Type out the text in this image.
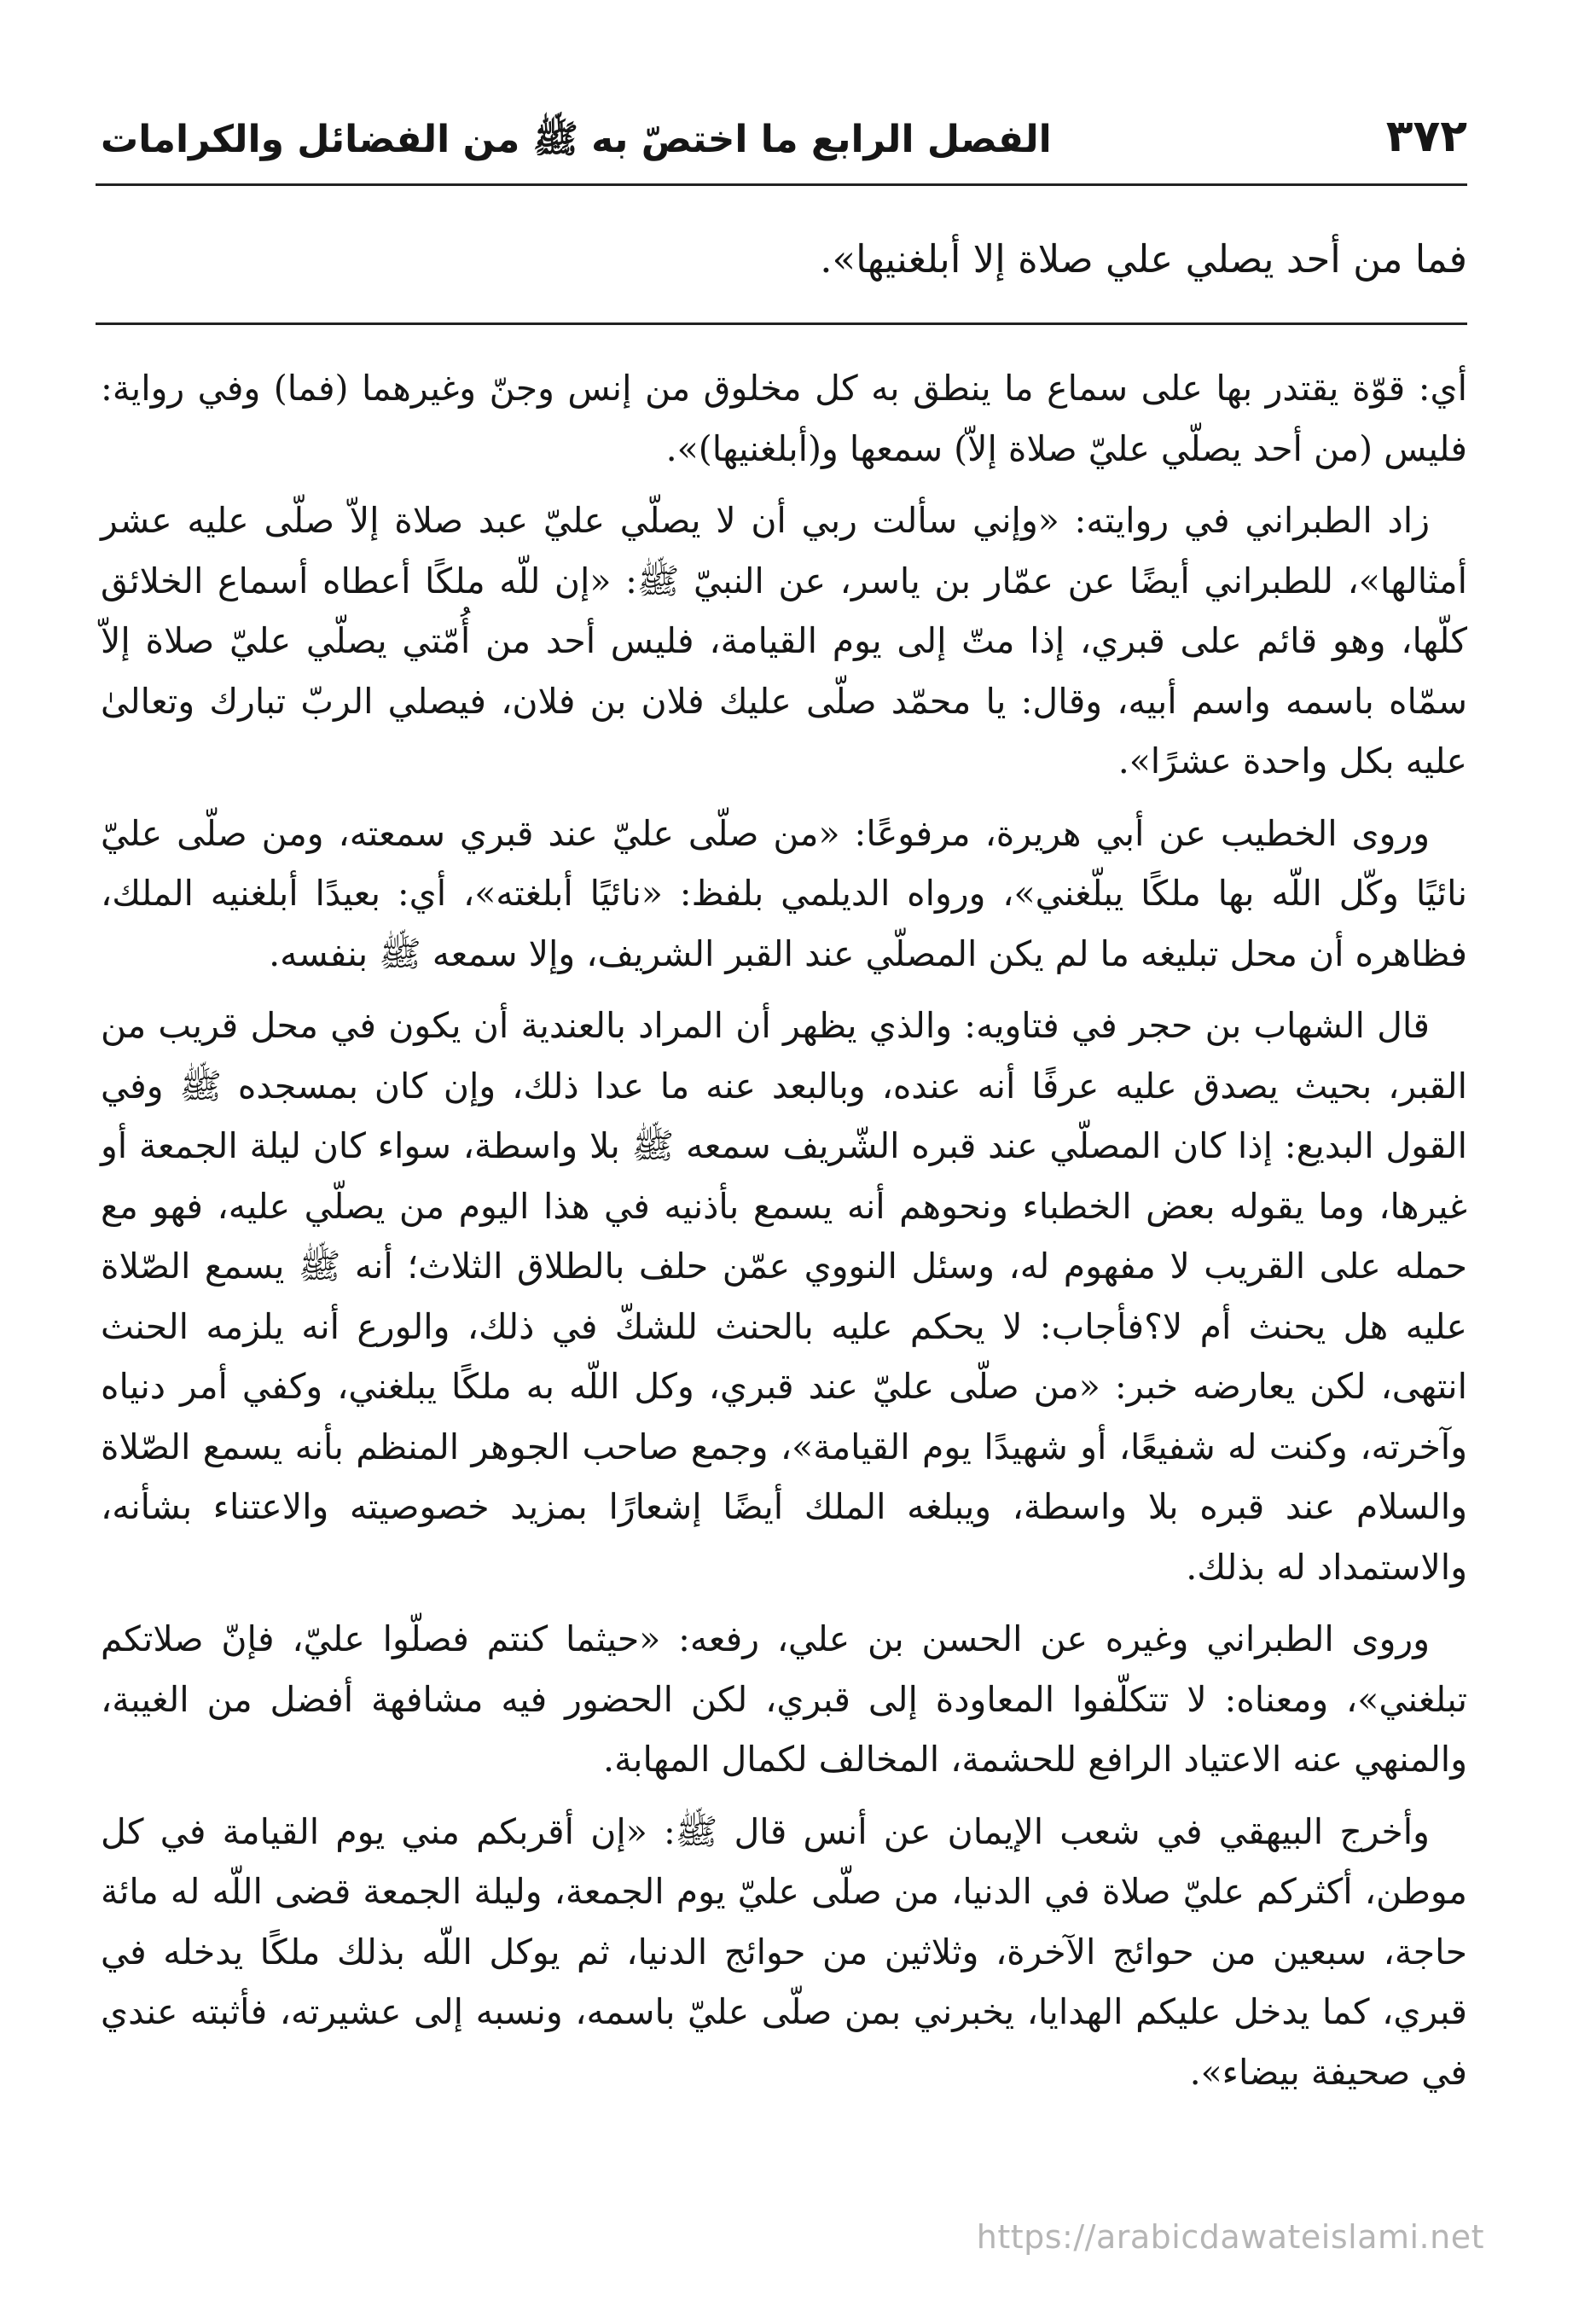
٣٧٢
الفصل الرابع ما اختصّ به ﷺ من الفضائل والكرامات
فما من أحد يصلي علي صلاة إلا أبلغنيها».

أي: قوّة يقتدر بها على سماع ما ينطق به كل مخلوق من إنس وجنّ وغيرهما (فما) وفي رواية: فليس (من أحد يصلّي عليّ صلاة إلاّ) سمعها و(أبلغنيها)».

زاد الطبراني في روايته: «وإني سألت ربي أن لا يصلّي عليّ عبد صلاة إلاّ صلّى عليه عشر أمثالها»، للطبراني أيضًا عن عمّار بن ياسر، عن النبيّ ﷺ: «إن للّه ملكًا أعطاه أسماع الخلائق كلّها، وهو قائم على قبري، إذا متّ إلى يوم القيامة، فليس أحد من أُمّتي يصلّي عليّ صلاة إلاّ سمّاه باسمه واسم أبيه، وقال: يا محمّد صلّى عليك فلان بن فلان، فيصلي الربّ تبارك وتعالىٰ عليه بكل واحدة عشرًا».

وروى الخطيب عن أبي هريرة، مرفوعًا: «من صلّى عليّ عند قبري سمعته، ومن صلّى عليّ نائيًا وكّل اللّه بها ملكًا يبلّغني»، ورواه الديلمي بلفظ: «نائيًا أبلغته»، أي: بعيدًا أبلغنيه الملك، فظاهره أن محل تبليغه ما لم يكن المصلّي عند القبر الشريف، وإلا سمعه ﷺ بنفسه.

قال الشهاب بن حجر في فتاويه: والذي يظهر أن المراد بالعندية أن يكون في محل قريب من القبر، بحيث يصدق عليه عرفًا أنه عنده، وبالبعد عنه ما عدا ذلك، وإن كان بمسجده ﷺ وفي القول البديع: إذا كان المصلّي عند قبره الشّريف سمعه ﷺ بلا واسطة، سواء كان ليلة الجمعة أو غيرها، وما يقوله بعض الخطباء ونحوهم أنه يسمع بأذنيه في هذا اليوم من يصلّي عليه، فهو مع حمله على القريب لا مفهوم له، وسئل النووي عمّن حلف بالطلاق الثلاث؛ أنه ﷺ يسمع الصّلاة عليه هل يحنث أم لا؟فأجاب: لا يحكم عليه بالحنث للشكّ في ذلك، والورع أنه يلزمه الحنث انتهى، لكن يعارضه خبر: «من صلّى عليّ عند قبري، وكل اللّه به ملكًا يبلغني، وكفي أمر دنياه وآخرته، وكنت له شفيعًا، أو شهيدًا يوم القيامة»، وجمع صاحب الجوهر المنظم بأنه يسمع الصّلاة والسلام عند قبره بلا واسطة، ويبلغه الملك أيضًا إشعارًا بمزيد خصوصيته والاعتناء بشأنه، والاستمداد له بذلك.

وروى الطبراني وغيره عن الحسن بن علي، رفعه: «حيثما كنتم فصلّوا عليّ، فإنّ صلاتكم تبلغني»، ومعناه: لا تتكلّفوا المعاودة إلى قبري، لكن الحضور فيه مشافهة أفضل من الغيبة، والمنهي عنه الاعتياد الرافع للحشمة، المخالف لكمال المهابة.

وأخرج البيهقي في شعب الإيمان عن أنس قال ﷺ: «إن أقربكم مني يوم القيامة في كل موطن، أكثركم عليّ صلاة في الدنيا، من صلّى عليّ يوم الجمعة، وليلة الجمعة قضى اللّه له مائة حاجة، سبعين من حوائج الآخرة، وثلاثين من حوائج الدنيا، ثم يوكل اللّه بذلك ملكًا يدخله في قبري، كما يدخل عليكم الهدايا، يخبرني بمن صلّى عليّ باسمه، ونسبه إلى عشيرته، فأثبته عندي في صحيفة بيضاء».

https://arabicdawateislami.net
